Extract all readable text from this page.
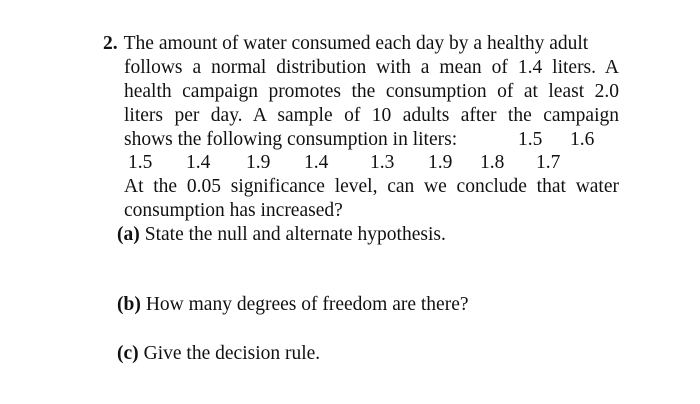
2. The amount of water consumed each day by a healthy adult
follows a normal distribution with a mean of 1.4 liters. A
health campaign promotes the consumption of at least 2.0
liters per day. A sample of 10 adults after the campaign
shows the following consumption in liters:	1.5 1.6
1.5 1.4 1.9 1.4 1.3 1.9 1.8 1.7
At the 0.05 significance level, can we conclude that water
consumption has increased?
(a) State the null and alternate hypothesis.
(b) How many degrees of freedom are there?
(c) Give the decision rule.
